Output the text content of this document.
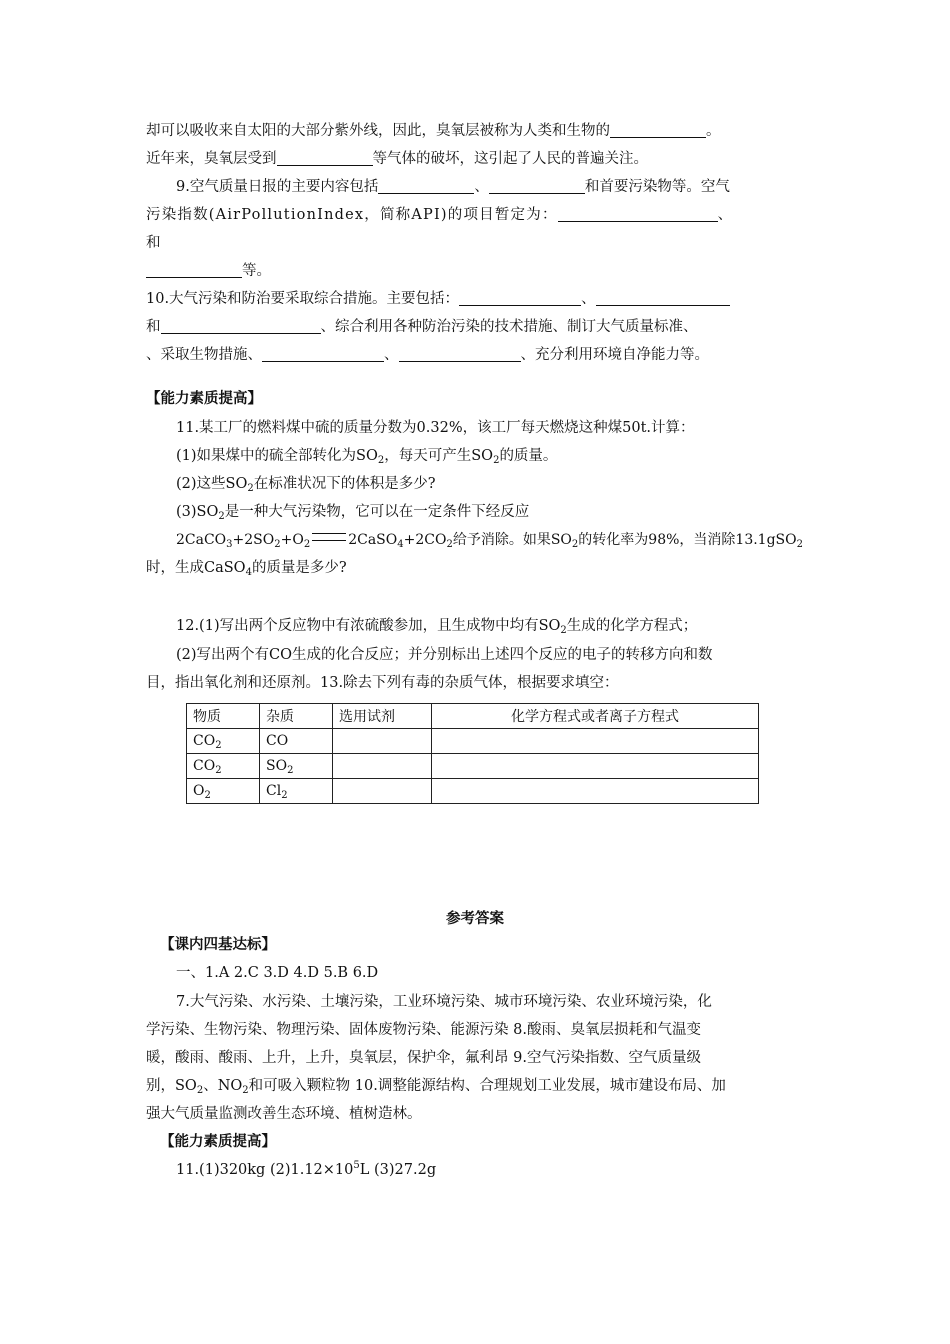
却可以吸收来自太阳的大部分紫外线，因此，臭氧层被称为人类和生物的	。
近年来，臭氧层受到	等气体的破坏，这引起了人民的普遍关注。
9.空气质量日报的主要内容包括	、	和首要污染物等。空气
污染指数(AirPollutionIndex，简称API)的项目暂定为：	、
和
等。
10.大气污染和防治要采取综合措施。主要包括：	、
和	、综合利用各种防治污染的技术措施、制订大气质量标准、
、采取生物措施、	、	、充分利用环境自净能力等。
【能力素质提高】
11.某工厂的燃料煤中硫的质量分数为0.32%，该工厂每天燃烧这种煤50t.计算：
(1)如果煤中的硫全部转化为$SO_2$，每天可产生$SO_2$的质量。
(2)这些$SO_2$在标准状况下的体积是多少?
$(3)SO_2$是一种大气污染物，它可以在一定条件下经反应
$2CaCO_3+2SO_2+O_2$	$2CaSO_4+2CO_2$给予消除。如果$SO_2$的转化率为98%，当消除13.1gSO$_2$
时，生成CaSO$_4$的质量是多少?
12.(1)写出两个反应物中有浓硫酸参加，且生成物中均有$SO_2$生成的化学方程式；
(2)写出两个有CO生成的化合反应；并分别标出上述四个反应的电子的转移方向和数
目，指出氧化剂和还原剂。13.除去下列有毒的杂质气体，根据要求填空：
物质	杂质	选用试剂	化学方程式或者离子方程式
$CO_2$	CO		
$CO_2$	$SO_2$		
$O_2$	$Cl_2$		
参考答案
【课内四基达标】
一、1.A 2.C 3.D 4.D 5.B 6.D
7.大气污染、水污染、土壤污染，工业环境污染、城市环境污染、农业环境污染，化
学污染、生物污染、物理污染、固体废物污染、能源污染 8.酸雨、臭氧层损耗和气温变
暖，酸雨、酸雨、上升，上升，臭氧层，保护伞，氟利昂 9.空气污染指数、空气质量级
别，$SO_2$、$NO_2$和可吸入颗粒物 10.调整能源结构、合理规划工业发展，城市建设布局、加
强大气质量监测改善生态环境、植树造林。
【能力素质提高】
11.(1)320kg $(2)1.12\times 10^5L$ (3)27.2g
